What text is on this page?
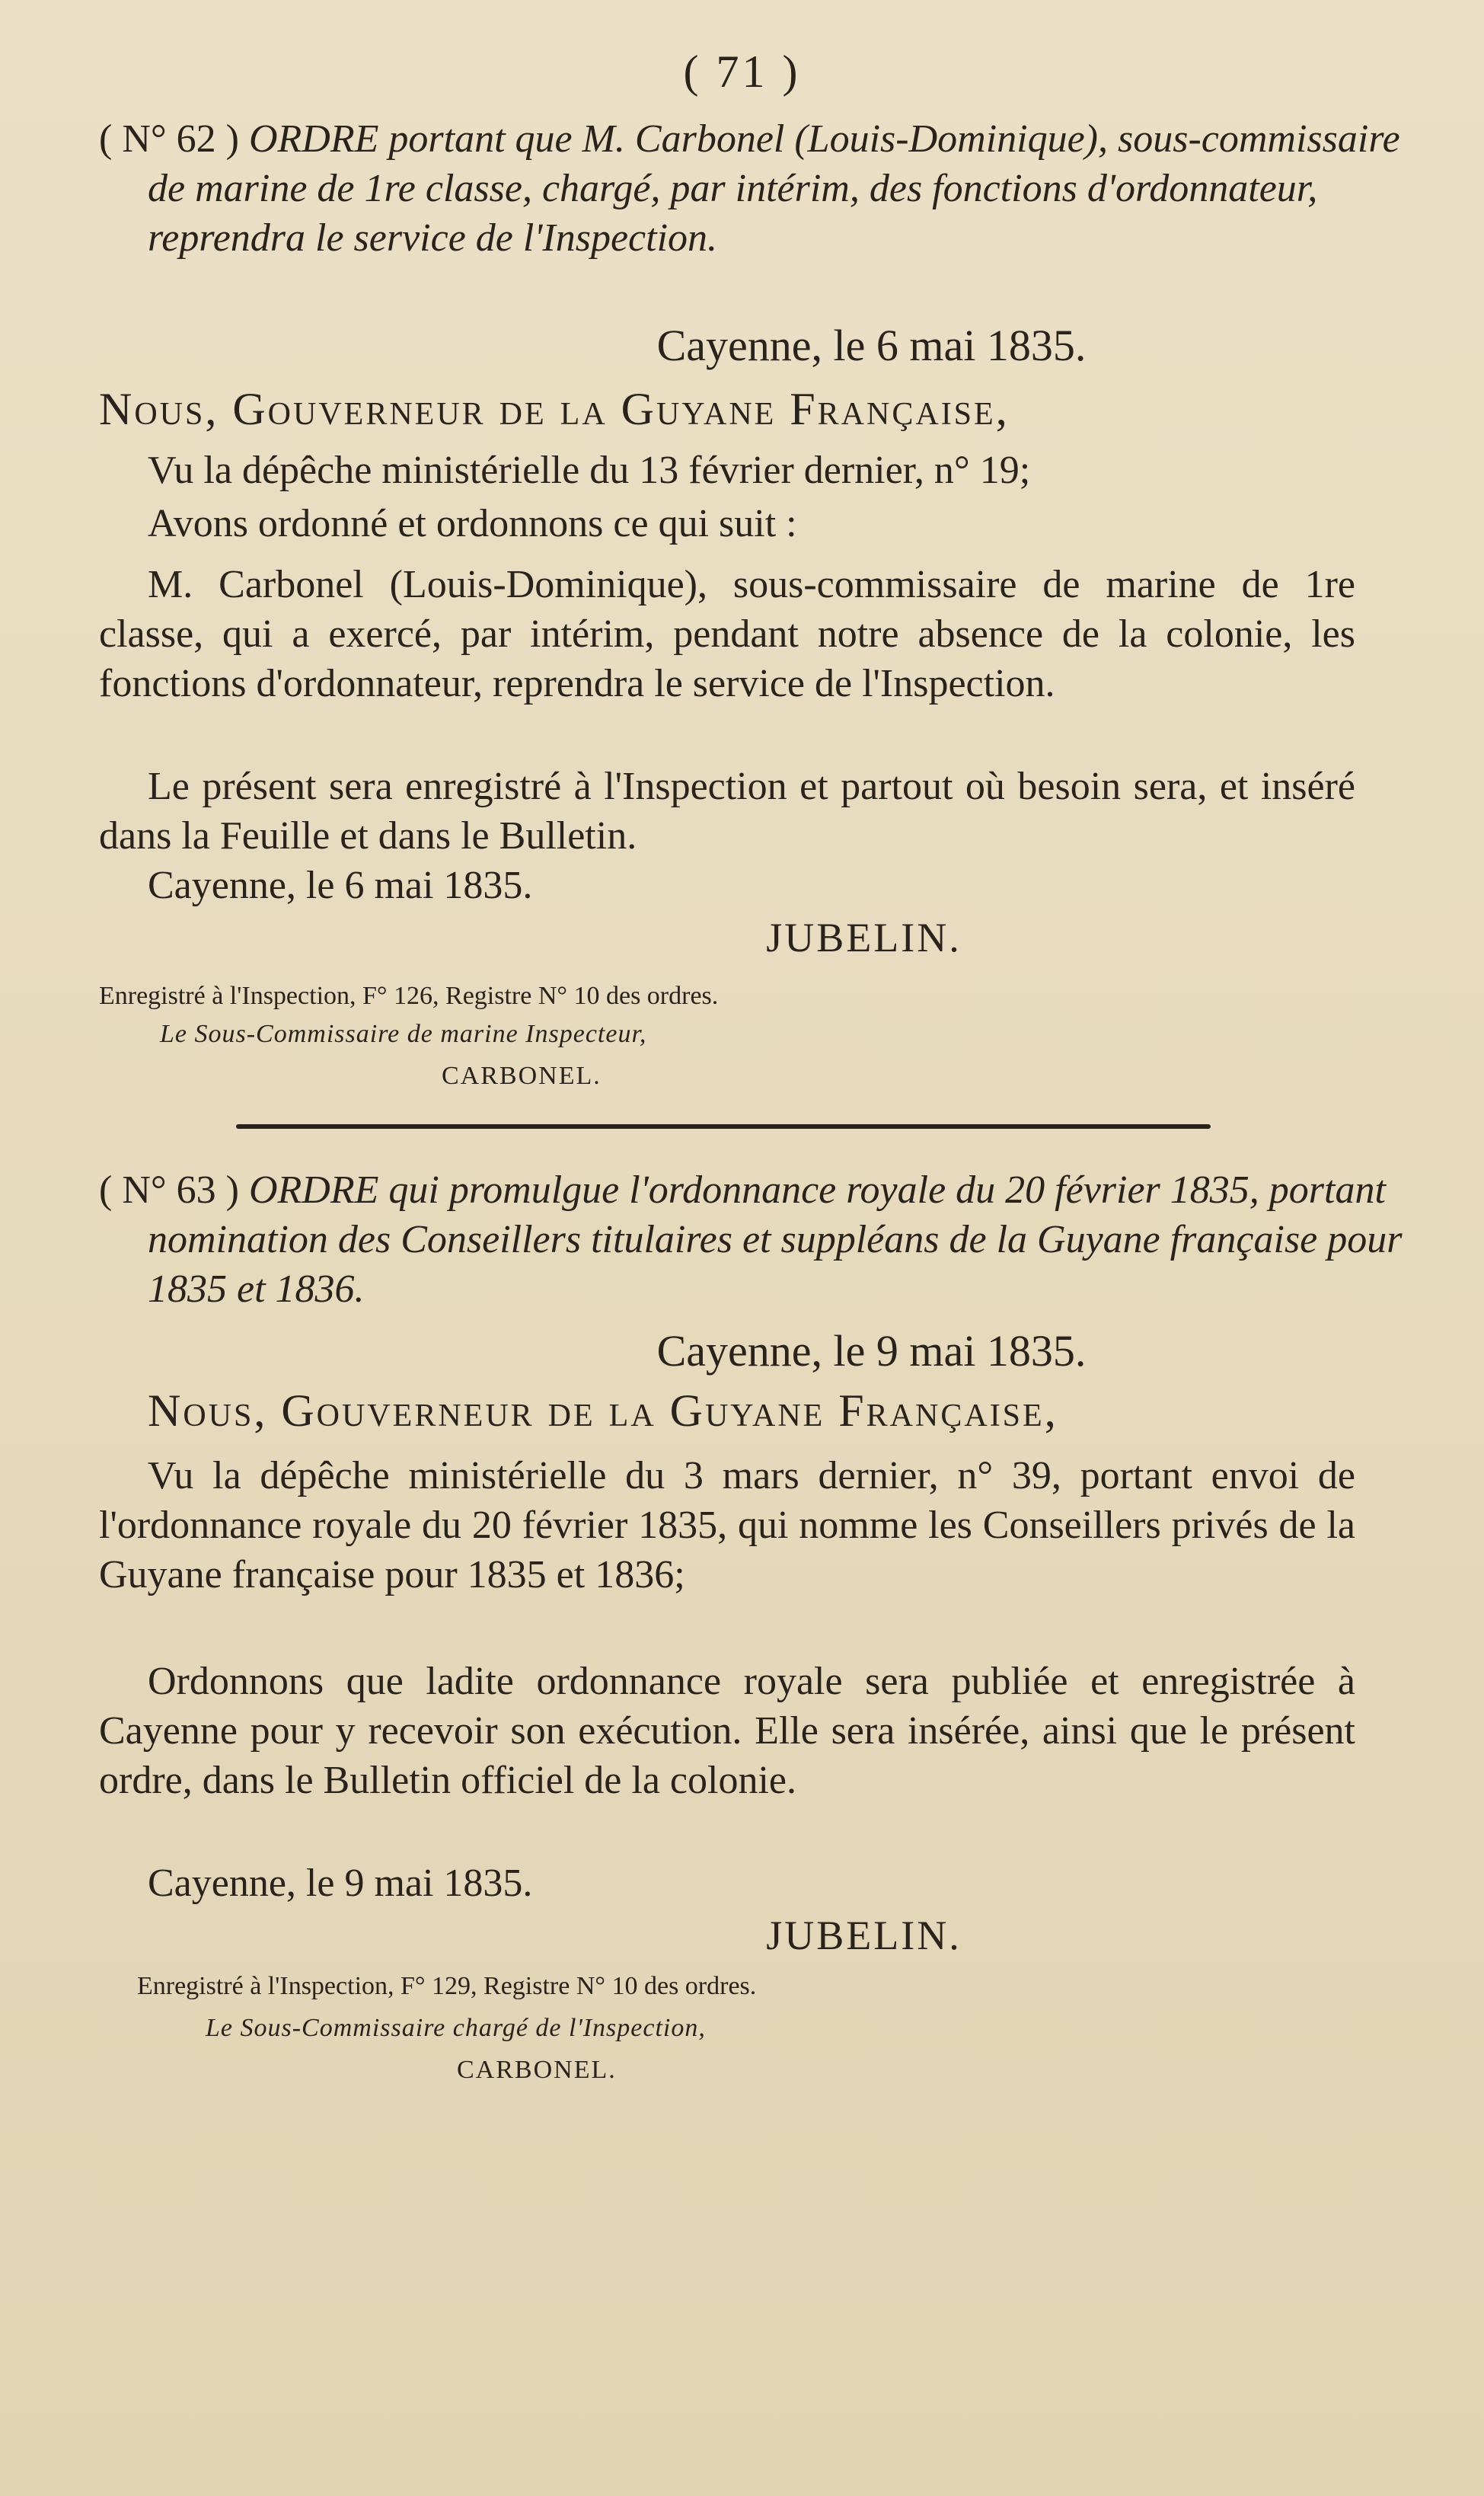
( 71 )
( N° 62 ) ORDRE portant que M. Carbonel (Louis-Dominique), sous-commissaire de marine de 1re classe, chargé, par intérim, des fonctions d'ordonnateur, reprendra le service de l'Inspection.
Cayenne, le 6 mai 1835.
Nous, Gouverneur de la Guyane Française,
Vu la dépêche ministérielle du 13 février dernier, n° 19;
Avons ordonné et ordonnons ce qui suit :
M. Carbonel (Louis-Dominique), sous-commissaire de marine de 1re classe, qui a exercé, par intérim, pendant notre absence de la colonie, les fonctions d'ordonnateur, reprendra le service de l'Inspection.
Le présent sera enregistré à l'Inspection et partout où besoin sera, et inséré dans la Feuille et dans le Bulletin.
Cayenne, le 6 mai 1835.
JUBELIN.
Enregistré à l'Inspection, F° 126, Registre N° 10 des ordres.
Le Sous-Commissaire de marine Inspecteur,
CARBONEL.
( N° 63 ) ORDRE qui promulgue l'ordonnance royale du 20 février 1835, portant nomination des Conseillers titulaires et suppléans de la Guyane française pour 1835 et 1836.
Cayenne, le 9 mai 1835.
Nous, Gouverneur de la Guyane Française,
Vu la dépêche ministérielle du 3 mars dernier, n° 39, portant envoi de l'ordonnance royale du 20 février 1835, qui nomme les Conseillers privés de la Guyane française pour 1835 et 1836;
Ordonnons que ladite ordonnance royale sera publiée et enregistrée à Cayenne pour y recevoir son exécution. Elle sera insérée, ainsi que le présent ordre, dans le Bulletin officiel de la colonie.
Cayenne, le 9 mai 1835.
JUBELIN.
Enregistré à l'Inspection, F° 129, Registre N° 10 des ordres.
Le Sous-Commissaire chargé de l'Inspection,
CARBONEL.
